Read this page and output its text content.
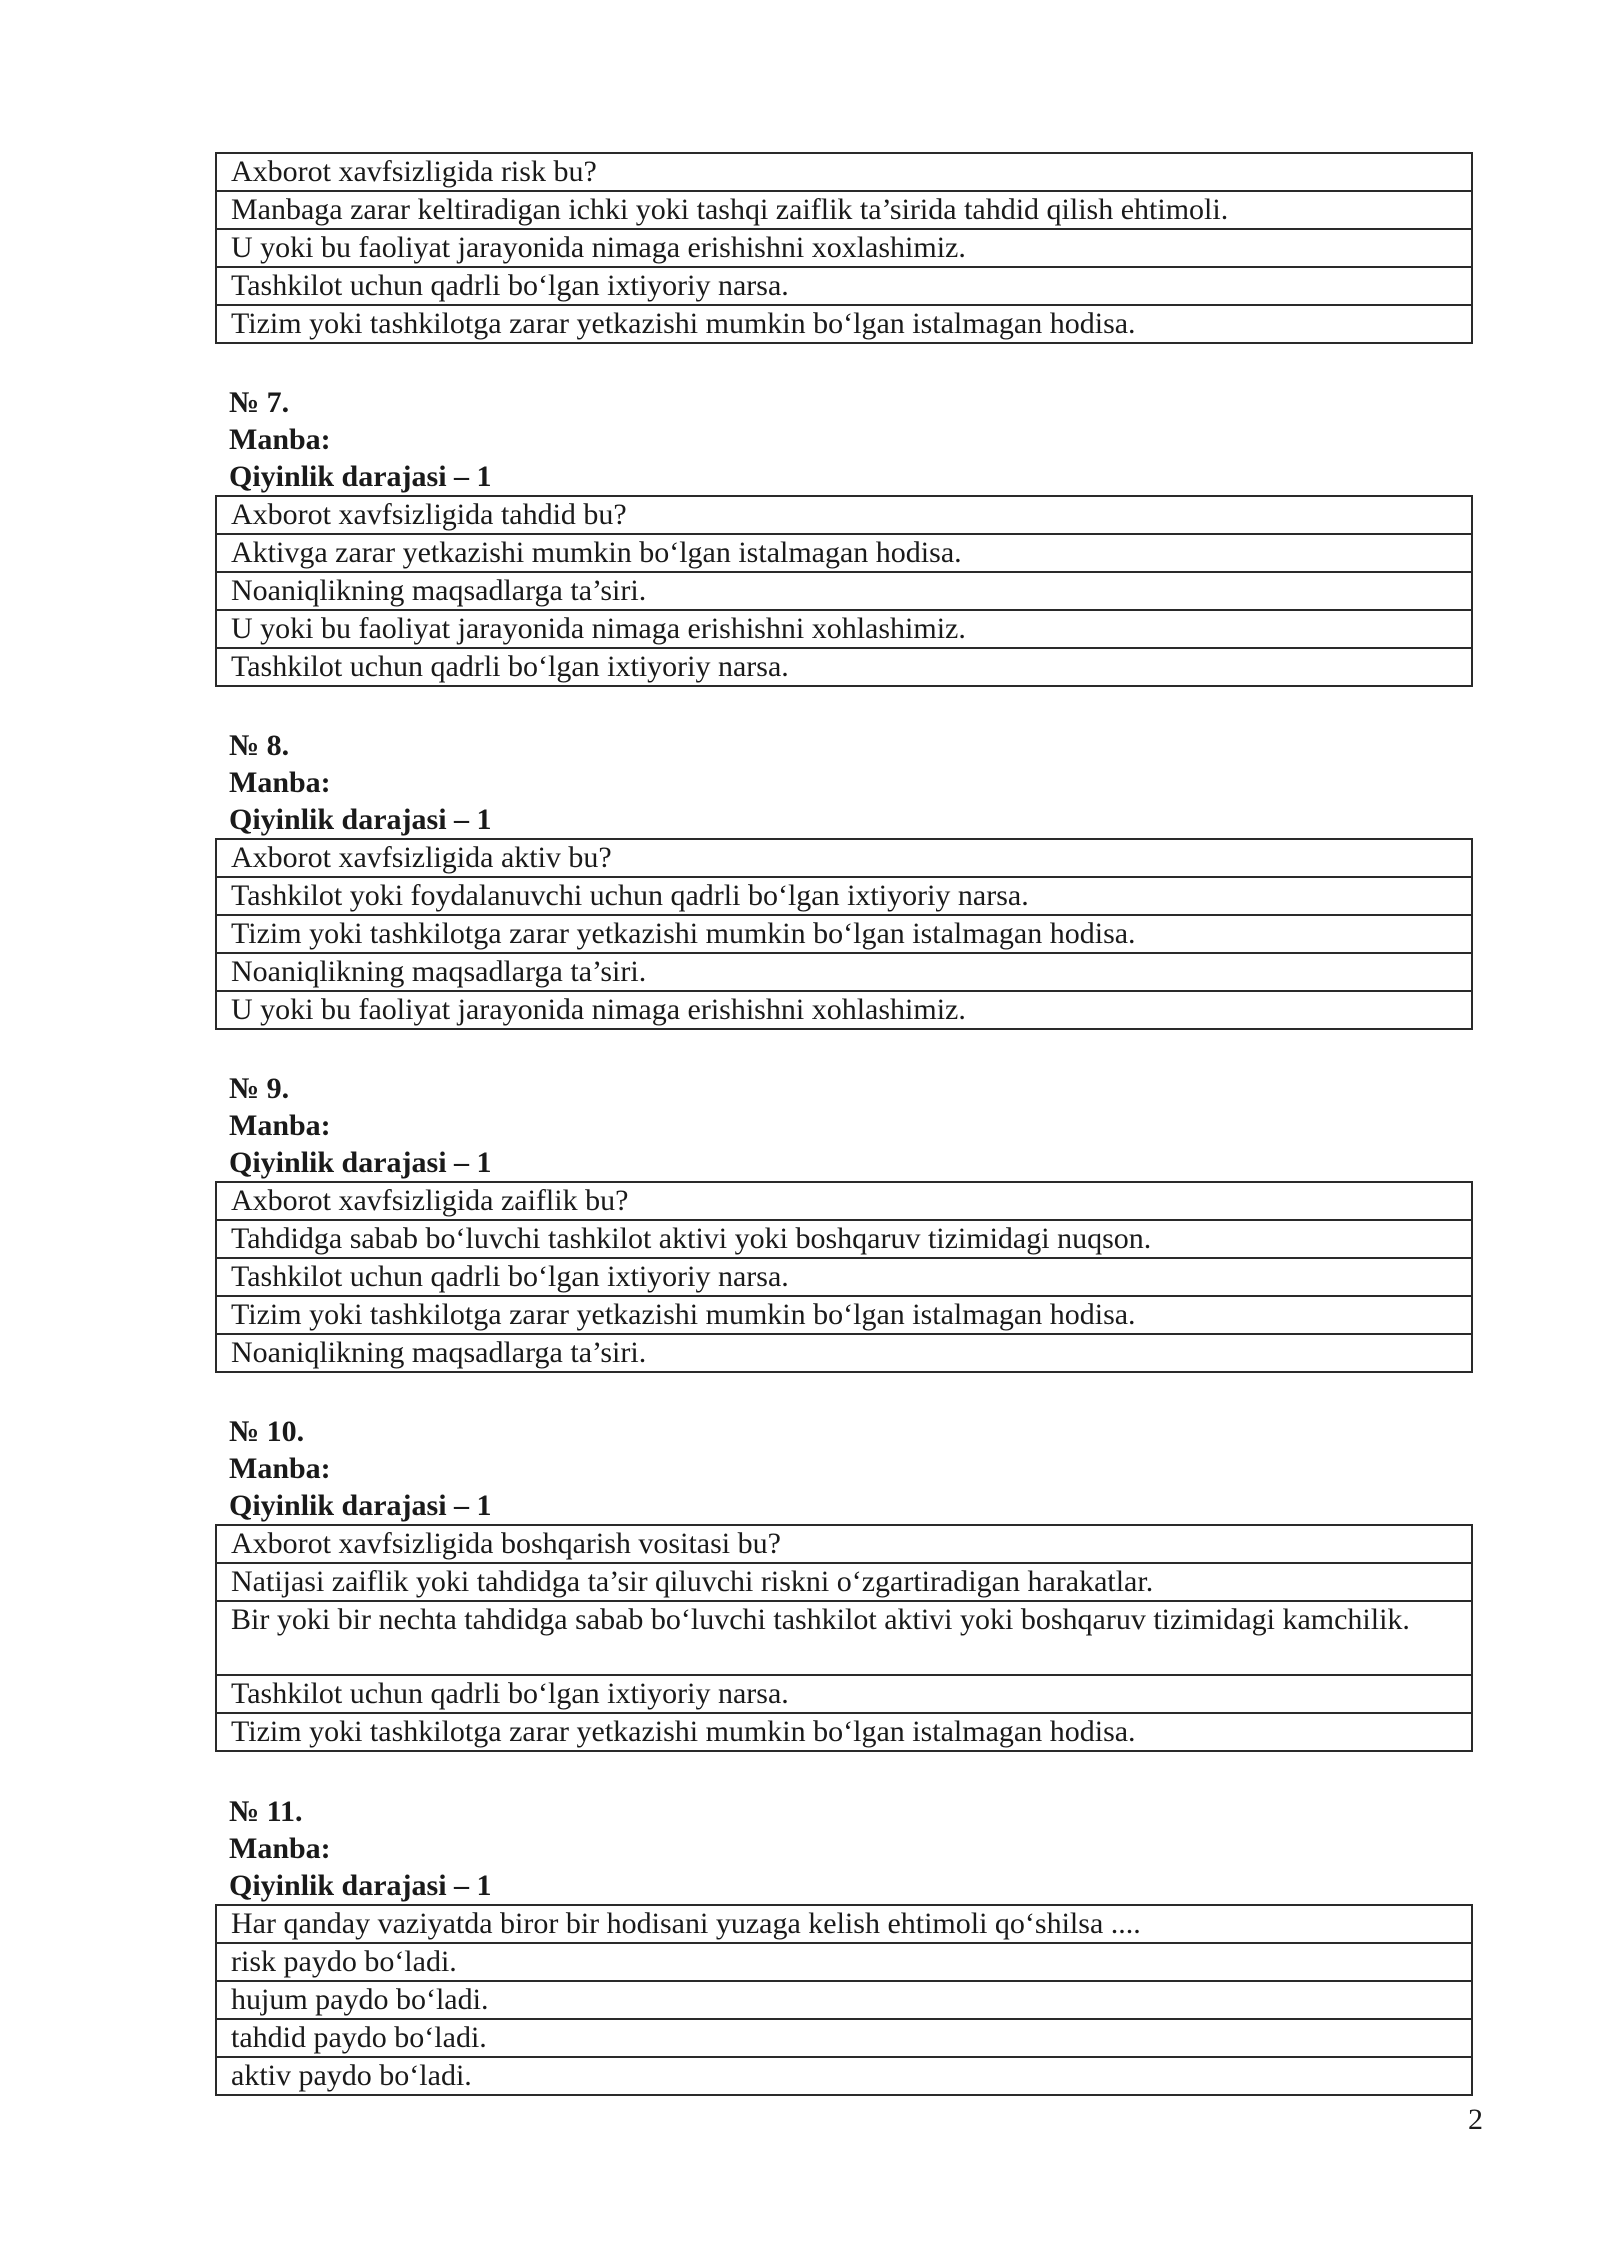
Axborot xavfsizligida risk bu?
Manbaga zarar keltiradigan ichki yoki tashqi zaiflik ta’sirida tahdid qilish ehtimoli.
U yoki bu faoliyat jarayonida nimaga erishishni xoxlashimiz.
Tashkilot uchun qadrli bo‘lgan ixtiyoriy narsa.
Tizim yoki tashkilotga zarar yetkazishi mumkin bo‘lgan istalmagan hodisa.
№ 7.
Manba:
Qiyinlik darajasi – 1
Axborot xavfsizligida tahdid bu?
Aktivga zarar yetkazishi mumkin bo‘lgan istalmagan hodisa.
Noaniqlikning maqsadlarga ta’siri.
U yoki bu faoliyat jarayonida nimaga erishishni xohlashimiz.
Tashkilot uchun qadrli bo‘lgan ixtiyoriy narsa.
№ 8.
Manba:
Qiyinlik darajasi – 1
Axborot xavfsizligida aktiv bu?
Tashkilot yoki foydalanuvchi uchun qadrli bo‘lgan ixtiyoriy narsa.
Tizim yoki tashkilotga zarar yetkazishi mumkin bo‘lgan istalmagan hodisa.
Noaniqlikning maqsadlarga ta’siri.
U yoki bu faoliyat jarayonida nimaga erishishni xohlashimiz.
№ 9.
Manba:
Qiyinlik darajasi – 1
Axborot xavfsizligida zaiflik bu?
Tahdidga sabab bo‘luvchi tashkilot aktivi yoki boshqaruv tizimidagi nuqson.
Tashkilot uchun qadrli bo‘lgan ixtiyoriy narsa.
Tizim yoki tashkilotga zarar yetkazishi mumkin bo‘lgan istalmagan hodisa.
Noaniqlikning maqsadlarga ta’siri.
№ 10.
Manba:
Qiyinlik darajasi – 1
Axborot xavfsizligida boshqarish vositasi bu?
Natijasi zaiflik yoki tahdidga ta’sir qiluvchi riskni o‘zgartiradigan harakatlar.
Bir yoki bir nechta tahdidga sabab bo‘luvchi tashkilot aktivi yoki boshqaruv tizimidagi kamchilik.
Tashkilot uchun qadrli bo‘lgan ixtiyoriy narsa.
Tizim yoki tashkilotga zarar yetkazishi mumkin bo‘lgan istalmagan hodisa.
№ 11.
Manba:
Qiyinlik darajasi – 1
Har qanday vaziyatda biror bir hodisani yuzaga kelish ehtimoli qo‘shilsa ....
risk paydo bo‘ladi.
hujum paydo bo‘ladi.
tahdid paydo bo‘ladi.
aktiv paydo bo‘ladi.
2
